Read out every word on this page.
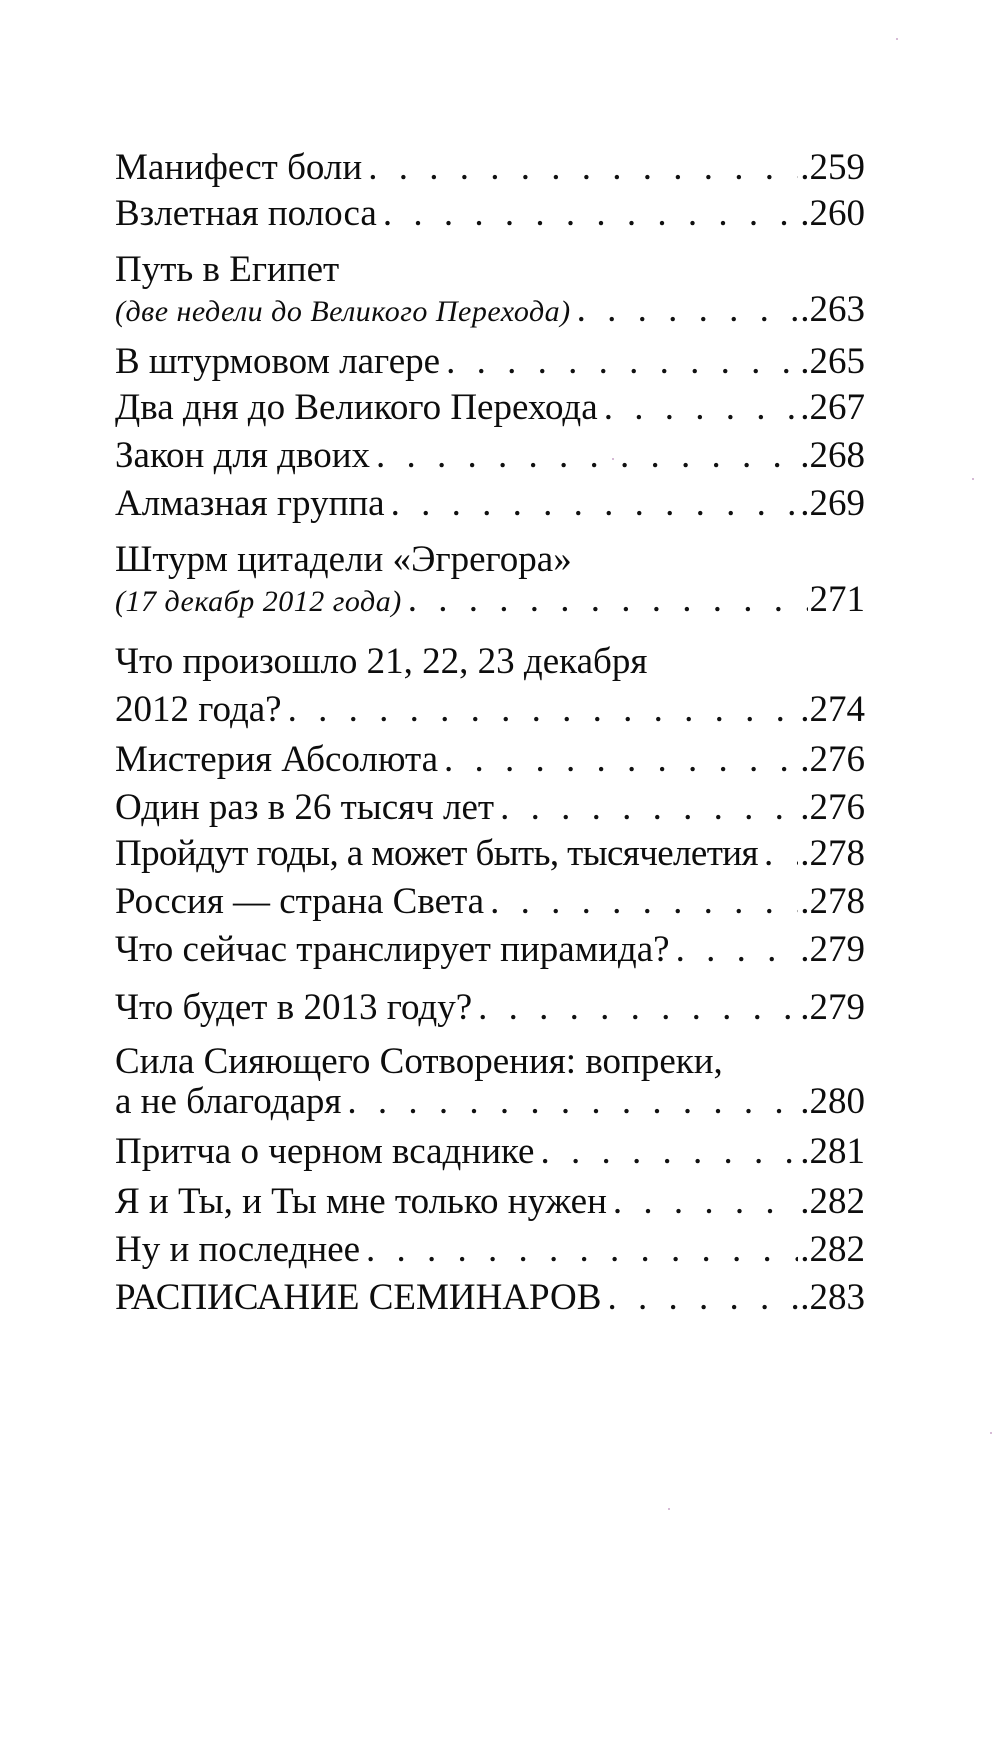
Манифест боли . . .	.259
Взлетная полоса . . .	.260
Путь в Египет
(две недели до Великого Перехода) . . .	.263
В штурмовом лагере . . .	.265
Два дня до Великого Перехода . . .	.267
Закон для двоих . . .	.268
Алмазная группа . . .	.269
Штурм цитадели «Эгрегора»
(17 декабр 2012 года) . . .	271
Что произошло 21, 22, 23 декабря
2012 года? . . .	.274
Мистерия Абсолюта . . .	.276
Один раз в 26 тысяч лет . . .	.276
Пройдут годы, а может быть, тысячелетия . . . .278
Россия — страна Света . . .	.278
Что сейчас транслирует пирамида? . . .	.279
Что будет в 2013 году? . . .	.279
Сила Сияющего Сотворения: вопреки,
а не благодаря . . .	.280
Притча о черном всаднике . . .	.281
Я и Ты, и Ты мне только нужен . . .	.282
Ну и последнее . . .	.282
РАСПИСАНИЕ СЕМИНАРОВ . . .	.283
